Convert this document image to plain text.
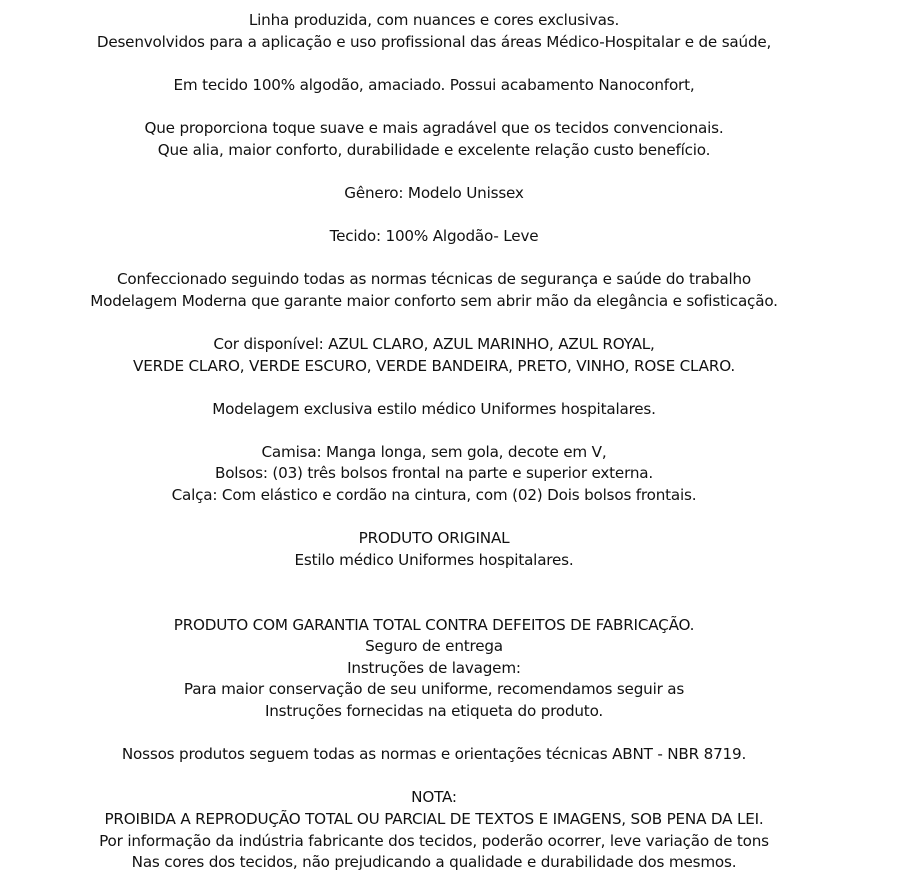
Linha produzida, com nuances e cores exclusivas.
Desenvolvidos para a aplicação e uso profissional das áreas Médico-Hospitalar e de saúde,
Em tecido 100% algodão, amaciado. Possui acabamento Nanoconfort,
Que proporciona toque suave e mais agradável que os tecidos convencionais.
Que alia, maior conforto, durabilidade e excelente relação custo benefício.
Gênero: Modelo Unissex
Tecido: 100% Algodão- Leve
Confeccionado seguindo todas as normas técnicas de segurança e saúde do trabalho
Modelagem Moderna que garante maior conforto sem abrir mão da elegância e sofisticação.
Cor disponível: AZUL CLARO, AZUL MARINHO, AZUL ROYAL,
VERDE CLARO, VERDE ESCURO, VERDE BANDEIRA, PRETO, VINHO, ROSE CLARO.
Modelagem exclusiva estilo médico Uniformes hospitalares.
Camisa: Manga longa, sem gola, decote em V,
Bolsos: (03) três bolsos frontal na parte e superior externa.
Calça: Com elástico e cordão na cintura, com (02) Dois bolsos frontais.
PRODUTO ORIGINAL
Estilo médico Uniformes hospitalares.
PRODUTO COM GARANTIA TOTAL CONTRA DEFEITOS DE FABRICAÇÃO.
Seguro de entrega
Instruções de lavagem:
Para maior conservação de seu uniforme, recomendamos seguir as
Instruções fornecidas na etiqueta do produto.
Nossos produtos seguem todas as normas e orientações técnicas ABNT - NBR 8719.
NOTA:
PROIBIDA A REPRODUÇÃO TOTAL OU PARCIAL DE TEXTOS E IMAGENS, SOB PENA DA LEI.
Por informação da indústria fabricante dos tecidos, poderão ocorrer, leve variação de tons
Nas cores dos tecidos, não prejudicando a qualidade e durabilidade dos mesmos.
